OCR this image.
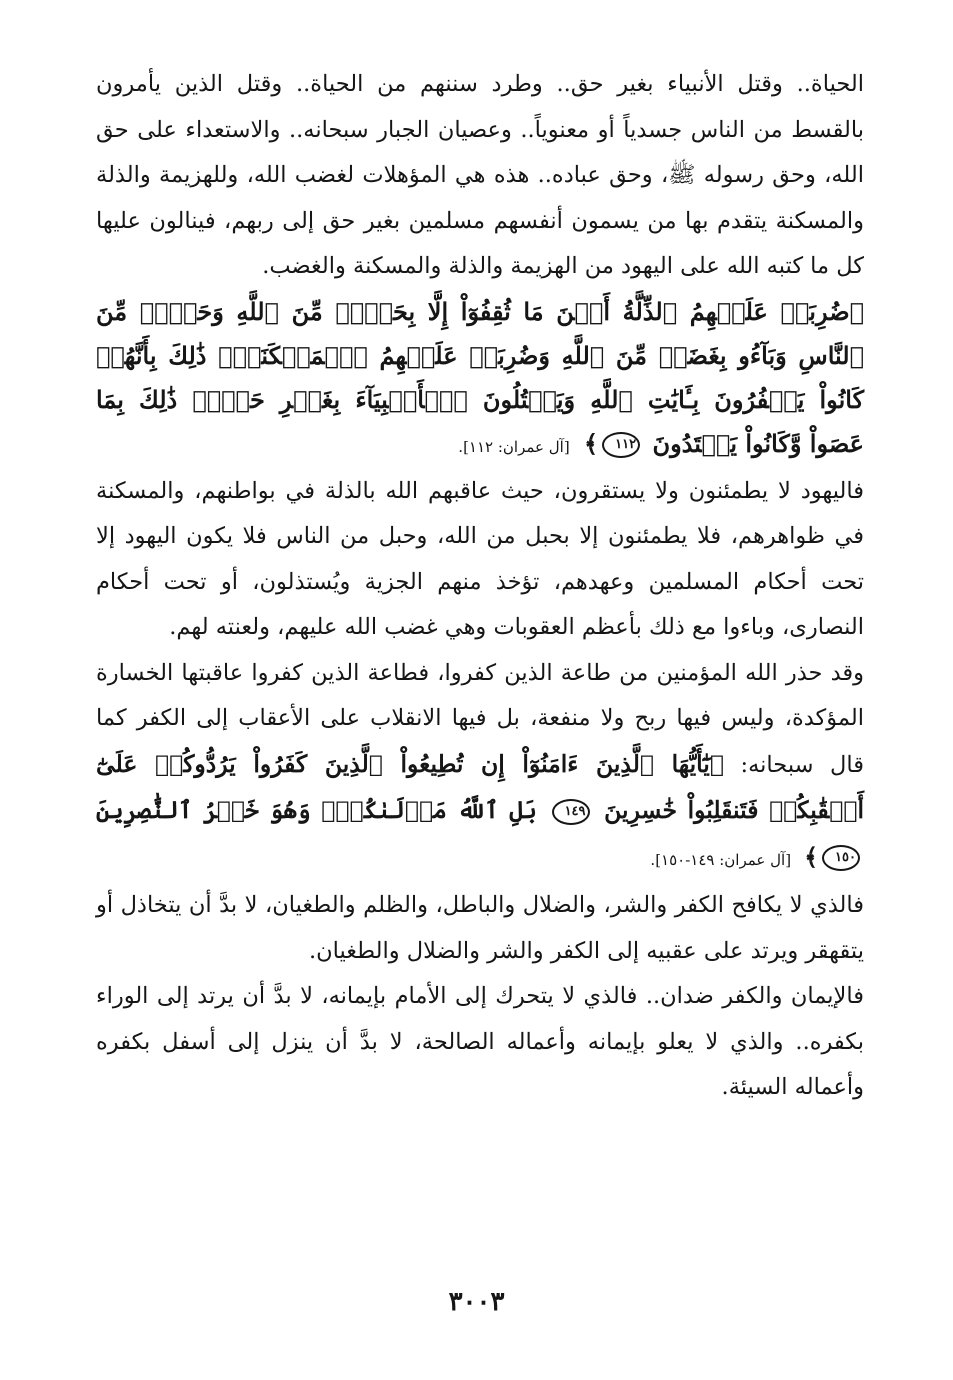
الحياة.. وقتل الأنبياء بغير حق.. وطرد سننهم من الحياة.. وقتل الذين يأمرون بالقسط من الناس جسدياً أو معنوياً.. وعصيان الجبار سبحانه.. والاستعداء على حق الله، وحق رسوله ﷺ، وحق عباده.. هذه هي المؤهلات لغضب الله، وللهزيمة والذلة والمسكنة يتقدم بها من يسمون أنفسهم مسلمين بغير حق إلى ربهم، فينالون عليها كل ما كتبه الله على اليهود من الهزيمة والذلة والمسكنة والغضب.

﴿ضُرِبَتۡ عَلَيۡهِمُ ٱلذِّلَّةُ أَيۡنَ مَا ثُقِفُوٓاْ إِلَّا بِحَبۡلٖ مِّنَ ٱللَّهِ وَحَبۡلٖ مِّنَ ٱلنَّاسِ وَبَآءُو بِغَضَبٖ مِّنَ ٱللَّهِ وَضُرِبَتۡ عَلَيۡهِمُ ٱلۡمَسۡكَنَةُۚ ذَٰلِكَ بِأَنَّهُمۡ كَانُواْ يَكۡفُرُونَ بِـَٔايَٰتِ ٱللَّهِ وَيَقۡتُلُونَ ٱلۡأَنۢبِيَآءَ بِغَيۡرِ حَقّٖۚ ذَٰلِكَ بِمَا عَصَواْ وَّكَانُواْ يَعۡتَدُونَ ١١٢﴾ [آل عمران: ١١٢].

فاليهود لا يطمئنون ولا يستقرون، حيث عاقبهم الله بالذلة في بواطنهم، والمسكنة في ظواهرهم، فلا يطمئنون إلا بحبل من الله، وحبل من الناس فلا يكون اليهود إلا تحت أحكام المسلمين وعهدهم، تؤخذ منهم الجزية ويُستذلون، أو تحت أحكام النصارى، وباءوا مع ذلك بأعظم العقوبات وهي غضب الله عليهم، ولعنته لهم.

وقد حذر الله المؤمنين من طاعة الذين كفروا، فطاعة الذين كفروا عاقبتها الخسارة المؤكدة، وليس فيها ربح ولا منفعة، بل فيها الانقلاب على الأعقاب إلى الكفر كما قال سبحانه: ﴿يَٰٓأَيُّهَا ٱلَّذِينَ ءَامَنُوٓاْ إِن تُطِيعُواْ ٱلَّذِينَ كَفَرُواْ يَرُدُّوكُمۡ عَلَىٰٓ أَعۡقَٰبِكُمۡ فَتَنقَلِبُواْ خَٰسِرِينَ ١٤٩ بَلِ ٱللَّهُ مَوۡلَىٰكُمۡۖ وَهُوَ خَيۡرُ ٱلنَّٰصِرِينَ ١٥٠﴾ [آل عمران: ١٤٩-١٥٠].

فالذي لا يكافح الكفر والشر، والضلال والباطل، والظلم والطغيان، لا بدَّ أن يتخاذل أو يتقهقر ويرتد على عقبيه إلى الكفر والشر والضلال والطغيان.

فالإيمان والكفر ضدان.. فالذي لا يتحرك إلى الأمام بإيمانه، لا بدَّ أن يرتد إلى الوراء بكفره.. والذي لا يعلو بإيمانه وأعماله الصالحة، لا بدَّ أن ينزل إلى أسفل بكفره وأعماله السيئة.

٣٠٠٣
